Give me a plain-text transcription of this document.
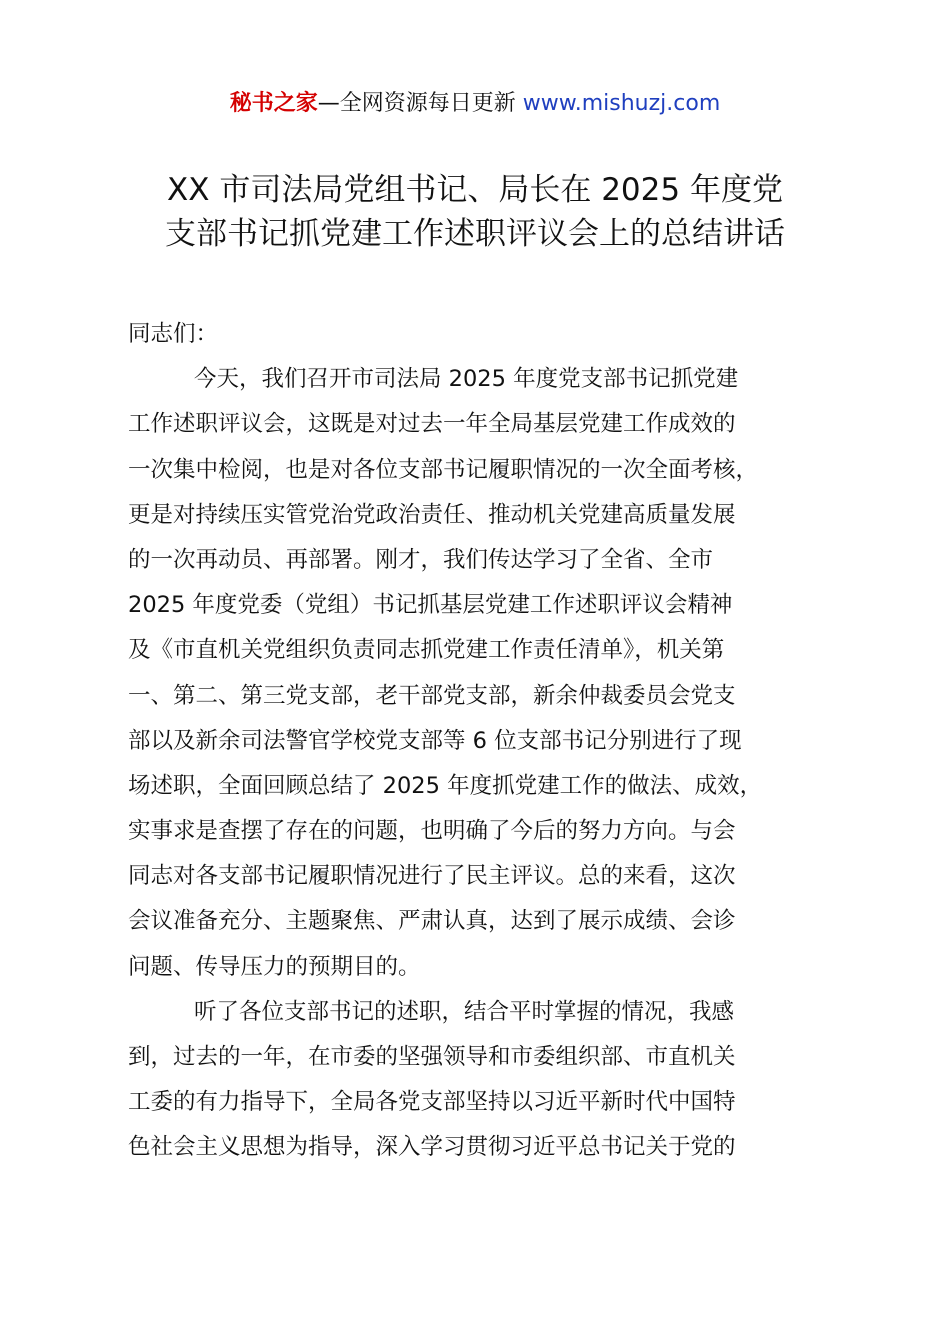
秘书之家—全网资源每日更新 www.mishuzj.com
XX 市司法局党组书记、局长在 2025 年度党
支部书记抓党建工作述职评议会上的总结讲话
同志们：
今天，我们召开市司法局 2025 年度党支部书记抓党建
工作述职评议会，这既是对过去一年全局基层党建工作成效的
一次集中检阅，也是对各位支部书记履职情况的一次全面考核，
更是对持续压实管党治党政治责任、推动机关党建高质量发展
的一次再动员、再部署。刚才，我们传达学习了全省、全市
2025 年度党委（党组）书记抓基层党建工作述职评议会精神
及《市直机关党组织负责同志抓党建工作责任清单》，机关第
一、第二、第三党支部，老干部党支部，新余仲裁委员会党支
部以及新余司法警官学校党支部等 6 位支部书记分别进行了现
场述职，全面回顾总结了 2025 年度抓党建工作的做法、成效，
实事求是查摆了存在的问题，也明确了今后的努力方向。与会
同志对各支部书记履职情况进行了民主评议。总的来看，这次
会议准备充分、主题聚焦、严肃认真，达到了展示成绩、会诊
问题、传导压力的预期目的。
听了各位支部书记的述职，结合平时掌握的情况，我感
到，过去的一年，在市委的坚强领导和市委组织部、市直机关
工委的有力指导下，全局各党支部坚持以习近平新时代中国特
色社会主义思想为指导，深入学习贯彻习近平总书记关于党的
